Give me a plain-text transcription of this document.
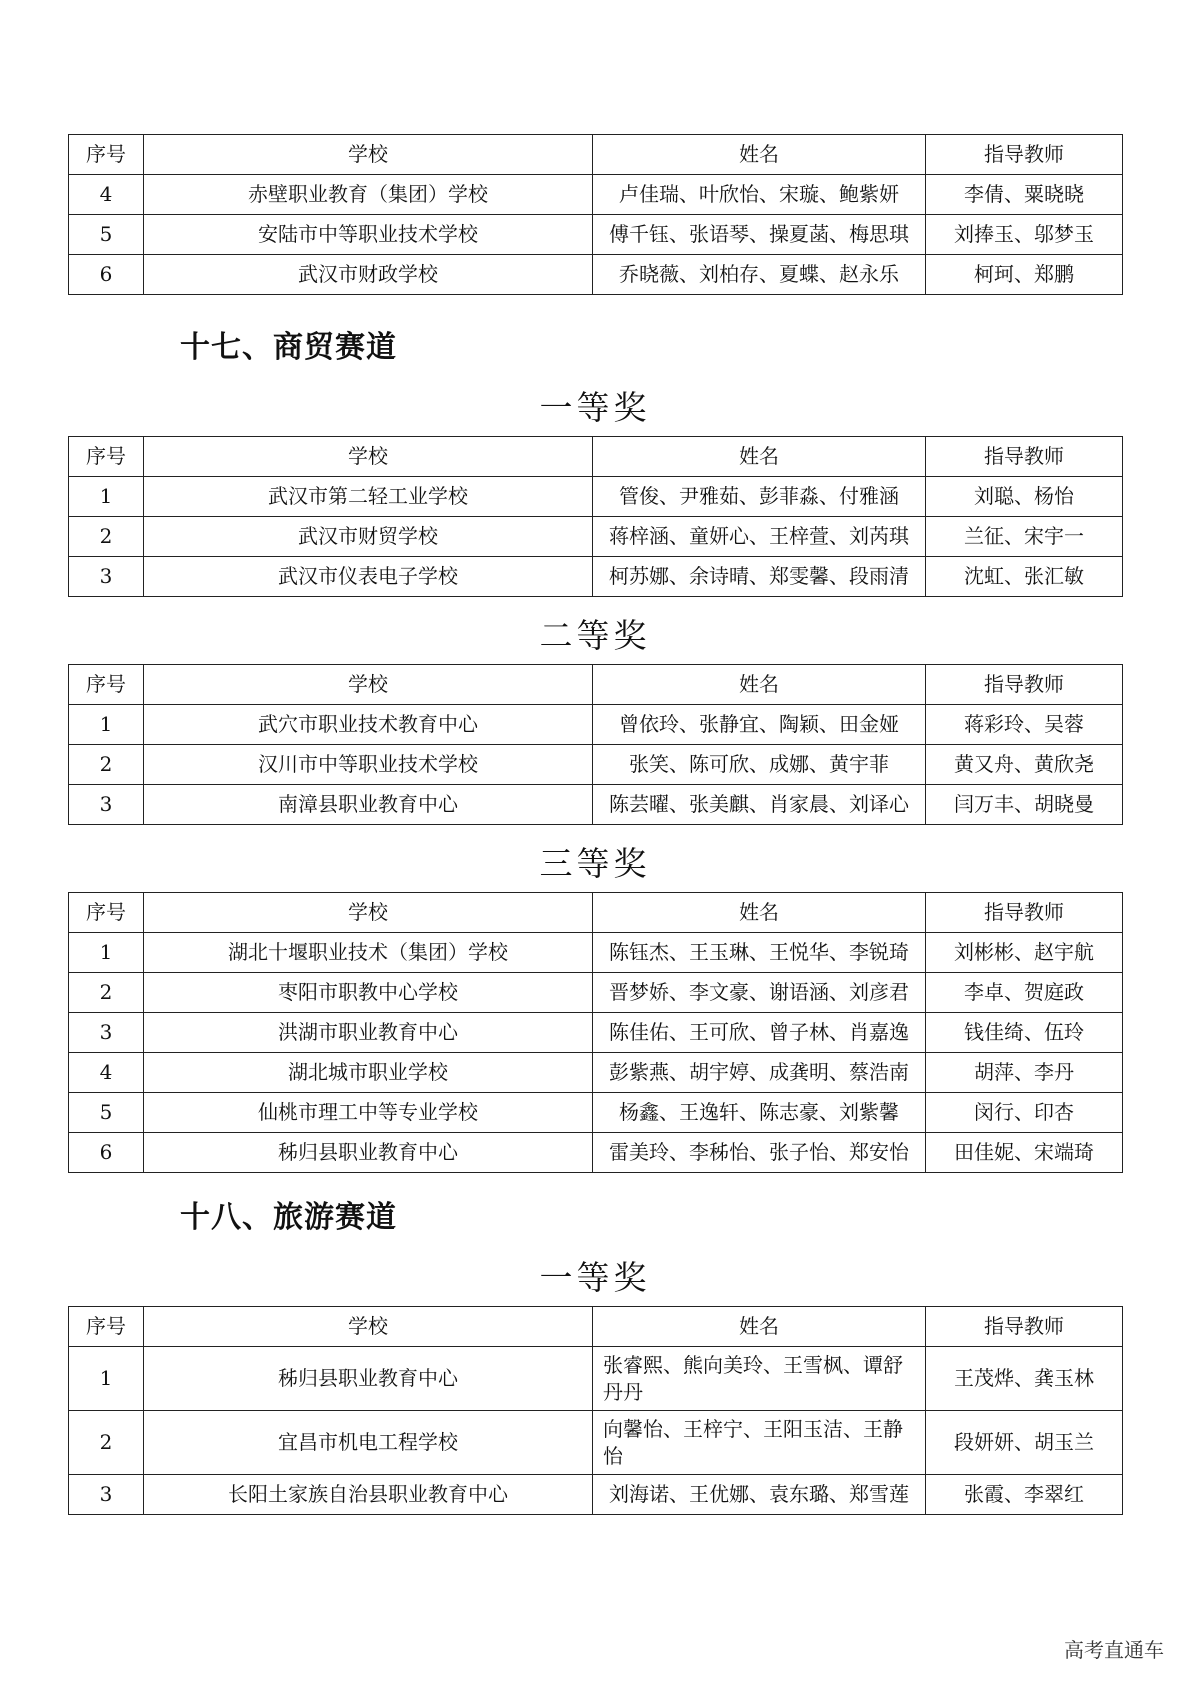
序号	学校	姓名	指导教师
4	赤壁职业教育（集团）学校	卢佳瑞、叶欣怡、宋璇、鲍紫妍	李倩、粟晓晓
5	安陆市中等职业技术学校	傅千钰、张语琴、操夏菡、梅思琪	刘捧玉、邬梦玉
6	武汉市财政学校	乔晓薇、刘柏存、夏蝶、赵永乐	柯珂、郑鹏
十七、商贸赛道
一等奖
序号	学校	姓名	指导教师
1	武汉市第二轻工业学校	管俊、尹雅茹、彭菲淼、付雅涵	刘聪、杨怡
2	武汉市财贸学校	蒋梓涵、童妍心、王梓萱、刘芮琪	兰征、宋宇一
3	武汉市仪表电子学校	柯苏娜、余诗晴、郑雯馨、段雨清	沈虹、张汇敏
二等奖
序号	学校	姓名	指导教师
1	武穴市职业技术教育中心	曾依玲、张静宜、陶颖、田金娅	蒋彩玲、吴蓉
2	汉川市中等职业技术学校	张笑、陈可欣、成娜、黄宇菲	黄又舟、黄欣尧
3	南漳县职业教育中心	陈芸曜、张美麒、肖家晨、刘译心	闫万丰、胡晓曼
三等奖
序号	学校	姓名	指导教师
1	湖北十堰职业技术（集团）学校	陈钰杰、王玉琳、王悦华、李锐琦	刘彬彬、赵宇航
2	枣阳市职教中心学校	晋梦娇、李文豪、谢语涵、刘彦君	李卓、贺庭政
3	洪湖市职业教育中心	陈佳佑、王可欣、曾子林、肖嘉逸	钱佳绮、伍玲
4	湖北城市职业学校	彭紫燕、胡宇婷、成龚明、蔡浩南	胡萍、李丹
5	仙桃市理工中等专业学校	杨鑫、王逸轩、陈志豪、刘紫馨	闵行、印杏
6	秭归县职业教育中心	雷美玲、李秭怡、张子怡、郑安怡	田佳妮、宋端琦
十八、旅游赛道
一等奖
序号	学校	姓名	指导教师
1	秭归县职业教育中心	张睿熙、熊向美玲、王雪枫、谭舒丹丹	王茂烨、龚玉林
2	宜昌市机电工程学校	向馨怡、王梓宁、王阳玉洁、王静怡	段妍妍、胡玉兰
3	长阳土家族自治县职业教育中心	刘海诺、王优娜、袁东璐、郑雪莲	张霞、李翠红
高考直通车
